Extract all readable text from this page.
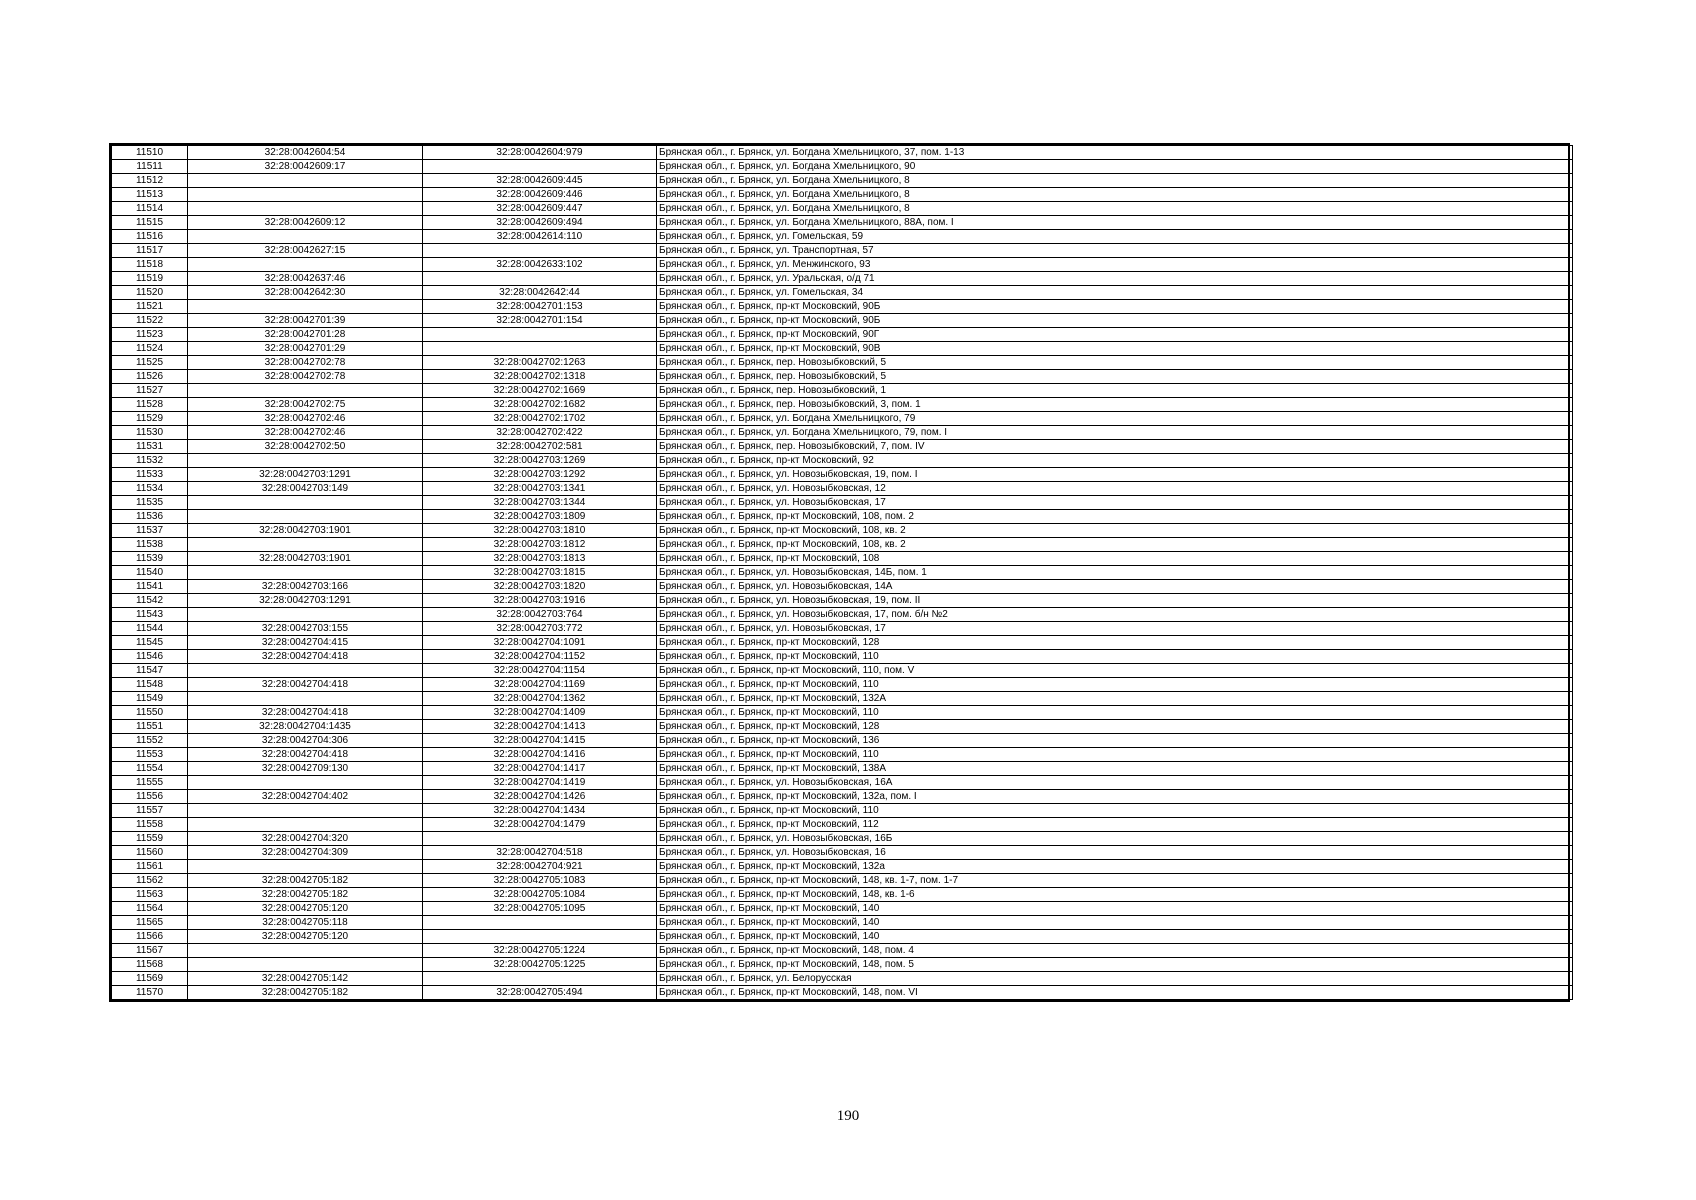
11510	32:28:0042604:54	32:28:0042604:979	Брянская обл., г. Брянск, ул. Богдана Хмельницкого, 37, пом. 1-13
11511	32:28:0042609:17		Брянская обл., г. Брянск, ул. Богдана Хмельницкого, 90
11512		32:28:0042609:445	Брянская обл., г. Брянск, ул. Богдана Хмельницкого, 8
11513		32:28:0042609:446	Брянская обл., г. Брянск, ул. Богдана Хмельницкого, 8
11514		32:28:0042609:447	Брянская обл., г. Брянск, ул. Богдана Хмельницкого, 8
11515	32:28:0042609:12	32:28:0042609:494	Брянская обл., г. Брянск, ул. Богдана Хмельницкого, 88А, пом. I
11516		32:28:0042614:110	Брянская обл., г. Брянск, ул. Гомельская, 59
11517	32:28:0042627:15		Брянская обл., г. Брянск, ул. Транспортная, 57
11518		32:28:0042633:102	Брянская обл., г. Брянск, ул. Менжинского, 93
11519	32:28:0042637:46		Брянская обл., г. Брянск, ул. Уральская, о/д 71
11520	32:28:0042642:30	32:28:0042642:44	Брянская обл., г. Брянск, ул. Гомельская, 34
11521		32:28:0042701:153	Брянская обл., г. Брянск, пр-кт Московский, 90Б
11522	32:28:0042701:39	32:28:0042701:154	Брянская обл., г. Брянск, пр-кт Московский, 90Б
11523	32:28:0042701:28		Брянская обл., г. Брянск, пр-кт Московский, 90Г
11524	32:28:0042701:29		Брянская обл., г. Брянск, пр-кт Московский, 90В
11525	32:28:0042702:78	32:28:0042702:1263	Брянская обл., г. Брянск, пер. Новозыбковский, 5
11526	32:28:0042702:78	32:28:0042702:1318	Брянская обл., г. Брянск, пер. Новозыбковский, 5
11527		32:28:0042702:1669	Брянская обл., г. Брянск, пер. Новозыбковский, 1
11528	32:28:0042702:75	32:28:0042702:1682	Брянская обл., г. Брянск, пер. Новозыбковский, 3, пом. 1
11529	32:28:0042702:46	32:28:0042702:1702	Брянская обл., г. Брянск, ул. Богдана Хмельницкого, 79
11530	32:28:0042702:46	32:28:0042702:422	Брянская обл., г. Брянск, ул. Богдана Хмельницкого, 79, пом. I
11531	32:28:0042702:50	32:28:0042702:581	Брянская обл., г. Брянск, пер. Новозыбковский, 7, пом. IV
11532		32:28:0042703:1269	Брянская обл., г. Брянск, пр-кт Московский, 92
11533	32:28:0042703:1291	32:28:0042703:1292	Брянская обл., г. Брянск, ул. Новозыбковская, 19, пом. I
11534	32:28:0042703:149	32:28:0042703:1341	Брянская обл., г. Брянск, ул. Новозыбковская, 12
11535		32:28:0042703:1344	Брянская обл., г. Брянск, ул. Новозыбковская, 17
11536		32:28:0042703:1809	Брянская обл., г. Брянск, пр-кт Московский, 108, пом. 2
11537	32:28:0042703:1901	32:28:0042703:1810	Брянская обл., г. Брянск, пр-кт Московский, 108, кв. 2
11538		32:28:0042703:1812	Брянская обл., г. Брянск, пр-кт Московский, 108, кв. 2
11539	32:28:0042703:1901	32:28:0042703:1813	Брянская обл., г. Брянск, пр-кт Московский, 108
11540		32:28:0042703:1815	Брянская обл., г. Брянск, ул. Новозыбковская, 14Б, пом. 1
11541	32:28:0042703:166	32:28:0042703:1820	Брянская обл., г. Брянск, ул. Новозыбковская, 14А
11542	32:28:0042703:1291	32:28:0042703:1916	Брянская обл., г. Брянск, ул. Новозыбковская, 19, пом. II
11543		32:28:0042703:764	Брянская обл., г. Брянск, ул. Новозыбковская, 17, пом. б/н №2
11544	32:28:0042703:155	32:28:0042703:772	Брянская обл., г. Брянск, ул. Новозыбковская, 17
11545	32:28:0042704:415	32:28:0042704:1091	Брянская обл., г. Брянск, пр-кт Московский, 128
11546	32:28:0042704:418	32:28:0042704:1152	Брянская обл., г. Брянск, пр-кт Московский, 110
11547		32:28:0042704:1154	Брянская обл., г. Брянск, пр-кт Московский, 110, пом. V
11548	32:28:0042704:418	32:28:0042704:1169	Брянская обл., г. Брянск, пр-кт Московский, 110
11549		32:28:0042704:1362	Брянская обл., г. Брянск, пр-кт Московский, 132А
11550	32:28:0042704:418	32:28:0042704:1409	Брянская обл., г. Брянск, пр-кт Московский, 110
11551	32:28:0042704:1435	32:28:0042704:1413	Брянская обл., г. Брянск, пр-кт Московский, 128
11552	32:28:0042704:306	32:28:0042704:1415	Брянская обл., г. Брянск, пр-кт Московский, 136
11553	32:28:0042704:418	32:28:0042704:1416	Брянская обл., г. Брянск, пр-кт Московский, 110
11554	32:28:0042709:130	32:28:0042704:1417	Брянская обл., г. Брянск, пр-кт Московский, 138А
11555		32:28:0042704:1419	Брянская обл., г. Брянск, ул. Новозыбковская, 16А
11556	32:28:0042704:402	32:28:0042704:1426	Брянская обл., г. Брянск, пр-кт Московский, 132а, пом. I
11557		32:28:0042704:1434	Брянская обл., г. Брянск, пр-кт Московский, 110
11558		32:28:0042704:1479	Брянская обл., г. Брянск, пр-кт Московский, 112
11559	32:28:0042704:320		Брянская обл., г. Брянск, ул. Новозыбковская, 16Б
11560	32:28:0042704:309	32:28:0042704:518	Брянская обл., г. Брянск, ул. Новозыбковская, 16
11561		32:28:0042704:921	Брянская обл., г. Брянск, пр-кт Московский, 132а
11562	32:28:0042705:182	32:28:0042705:1083	Брянская обл., г. Брянск, пр-кт Московский, 148, кв. 1-7, пом. 1-7
11563	32:28:0042705:182	32:28:0042705:1084	Брянская обл., г. Брянск, пр-кт Московский, 148, кв. 1-6
11564	32:28:0042705:120	32:28:0042705:1095	Брянская обл., г. Брянск, пр-кт Московский, 140
11565	32:28:0042705:118		Брянская обл., г. Брянск, пр-кт Московский, 140
11566	32:28:0042705:120		Брянская обл., г. Брянск, пр-кт Московский, 140
11567		32:28:0042705:1224	Брянская обл., г. Брянск, пр-кт Московский, 148, пом. 4
11568		32:28:0042705:1225	Брянская обл., г. Брянск, пр-кт Московский, 148, пом. 5
11569	32:28:0042705:142		Брянская обл., г. Брянск, ул. Белорусская
11570	32:28:0042705:182	32:28:0042705:494	Брянская обл., г. Брянск, пр-кт Московский, 148, пом. VI
190
